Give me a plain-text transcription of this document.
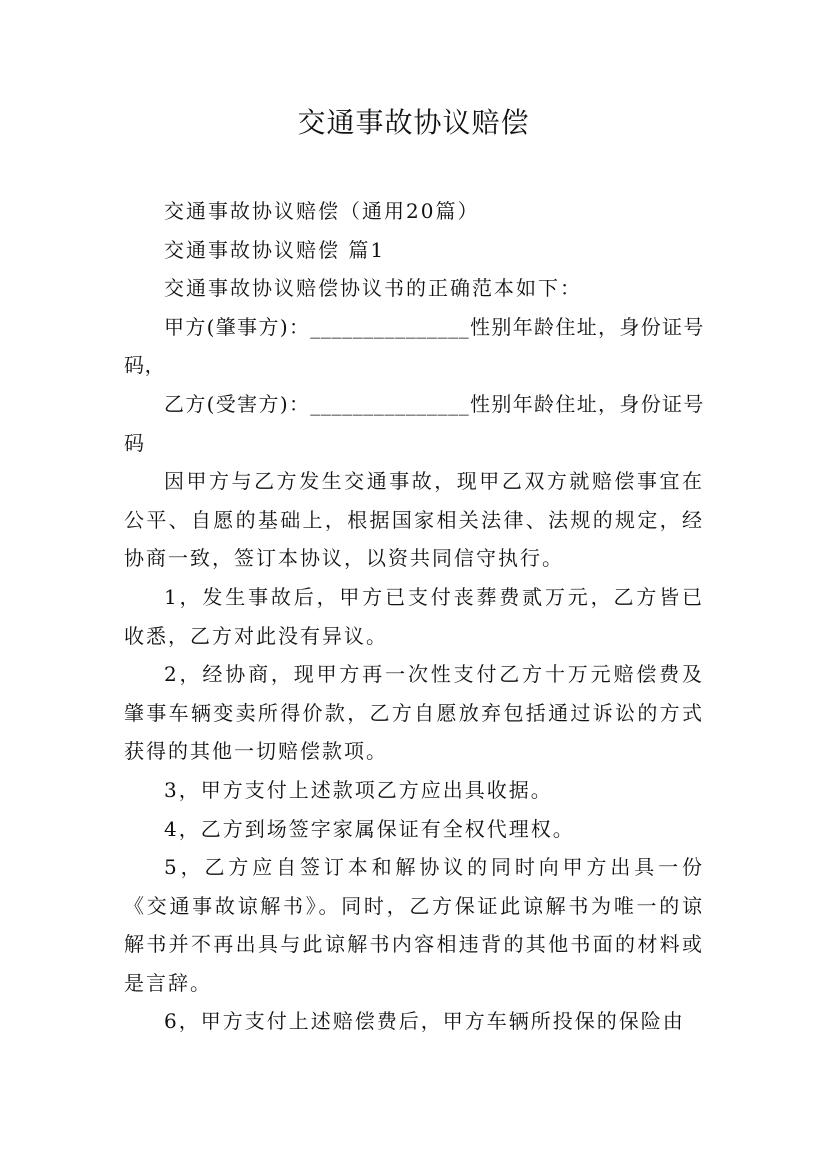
交通事故协议赔偿

交通事故协议赔偿（通用20篇）

交通事故协议赔偿 篇1

交通事故协议赔偿协议书的正确范本如下：

甲方(肇事方)：_______________性别年龄住址，身份证号码，

乙方(受害方)：_______________性别年龄住址，身份证号码

因甲方与乙方发生交通事故，现甲乙双方就赔偿事宜在公平、自愿的基础上，根据国家相关法律、法规的规定，经协商一致，签订本协议，以资共同信守执行。

1，发生事故后，甲方已支付丧葬费贰万元，乙方皆已收悉，乙方对此没有异议。

2，经协商，现甲方再一次性支付乙方十万元赔偿费及肇事车辆变卖所得价款，乙方自愿放弃包括通过诉讼的方式获得的其他一切赔偿款项。

3，甲方支付上述款项乙方应出具收据。

4，乙方到场签字家属保证有全权代理权。

5，乙方应自签订本和解协议的同时向甲方出具一份《交通事故谅解书》。同时，乙方保证此谅解书为唯一的谅解书并不再出具与此谅解书内容相违背的其他书面的材料或是言辞。

6，甲方支付上述赔偿费后，甲方车辆所投保的保险由
